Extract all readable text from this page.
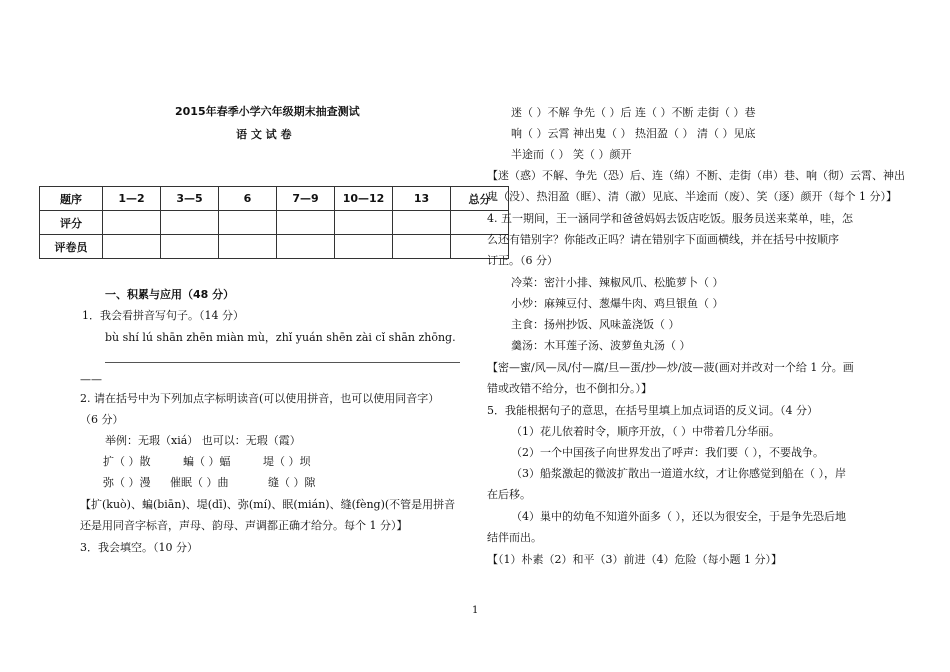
2015年春季小学六年级期末抽查测试
语 文 试 卷
题序	1—2	3—5	6	7—9	10—12	13	总分
评分							
评卷员							
一、积累与应用（48 分）
1．我会看拼音写句子。（14 分）
bù shí lú shān zhēn miàn mù，zhǐ yuán shēn zài cǐ shān zhōng.
——
2. 请在括号中为下列加点字标明读音(可以使用拼音，也可以使用同音字）
（6 分）
举例：无瑕（xiá） 也可以：无瑕（霞）
扩（ ）散	蝙（ ）蝠	堤（ ）坝
弥（ ）漫 催眠（ ）曲	缝（ ）隙
【扩(kuò)、蝙(biān)、堤(dī)、弥(mí)、眠(mián)、缝(fèng)(不管是用拼音
还是用同音字标音，声母、韵母、声调都正确才给分。每个 1 分）】
3．我会填空。（10 分）
迷（ ）不解 争先（ ）后 连（ ）不断 走街（ ）巷
响（ ）云霄 神出鬼（ ） 热泪盈（ ） 清（ ）见底
半途而（ ） 笑（ ）颜开
【迷（惑）不解、争先（恐）后、连（绵）不断、走街（串）巷、响（彻）云霄、神出
鬼（没）、热泪盈（眶）、清（澈）见底、半途而（废）、笑（逐）颜开（每个 1 分）】
4. 五一期间，王一涵同学和爸爸妈妈去饭店吃饭。服务员送来菜单，哇，怎
么还有错别字？你能改正吗？请在错别字下面画横线，并在括号中按顺序
订正。（6 分）
冷菜：密汁小排、辣椒风爪、松脆萝卜（ ）
小炒：麻辣豆付、葱爆牛肉、鸡旦银鱼（ ）
主食：扬州抄饭、风味盖浇饭（ ）
羹汤：木耳莲子汤、波萝鱼丸汤（ ）
【密—蜜/风—凤/付—腐/旦—蛋/抄—炒/波—菠(画对并改对一个给 1 分。画
错或改错不给分，也不倒扣分。）】
5．我能根据句子的意思，在括号里填上加点词语的反义词。（4 分）
（1）花儿依着时令，顺序开放，（ ）中带着几分华丽。
（2）一个中国孩子向世界发出了呼声：我们要（ ），不要战争。
（3）船浆激起的微波扩散出一道道水纹，才让你感觉到船在（ ），岸
在后移。
（4）巢中的幼龟不知道外面多（ ），还以为很安全，于是争先恐后地
结伴而出。
【（1）朴素（2）和平（3）前进（4）危险（每小题 1 分）】
1
